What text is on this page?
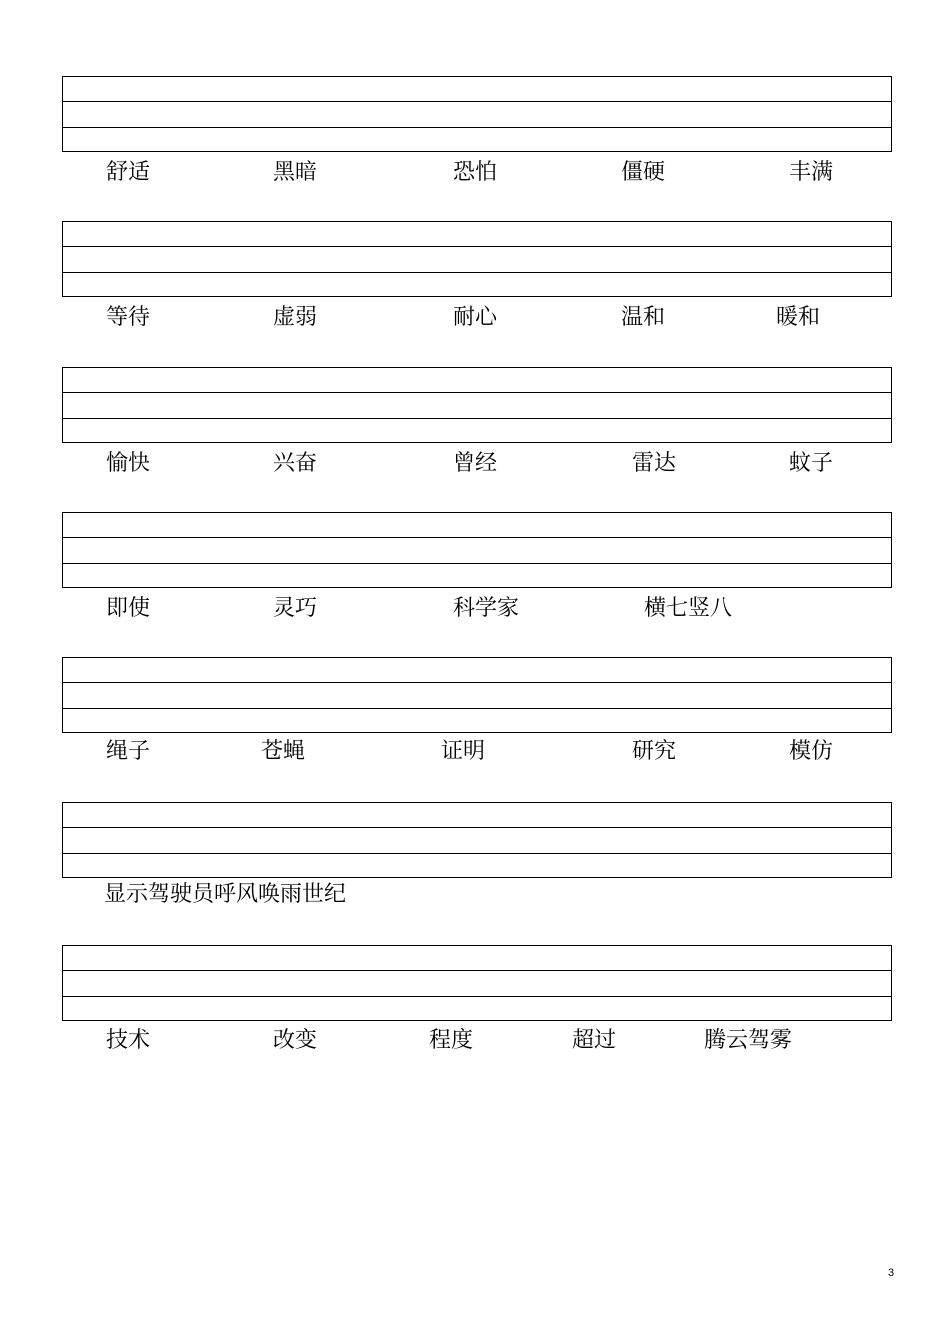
舒适	黑暗	恐怕	僵硬	丰满
等待	虚弱	耐心	温和	暖和
愉快	兴奋	曾经	雷达	蚊子
即使	灵巧	科学家	横七竖八
绳子	苍蝇	证明	研究	模仿
显示驾驶员呼风唤雨世纪
技术	改变	程度	超过	腾云驾雾
3
